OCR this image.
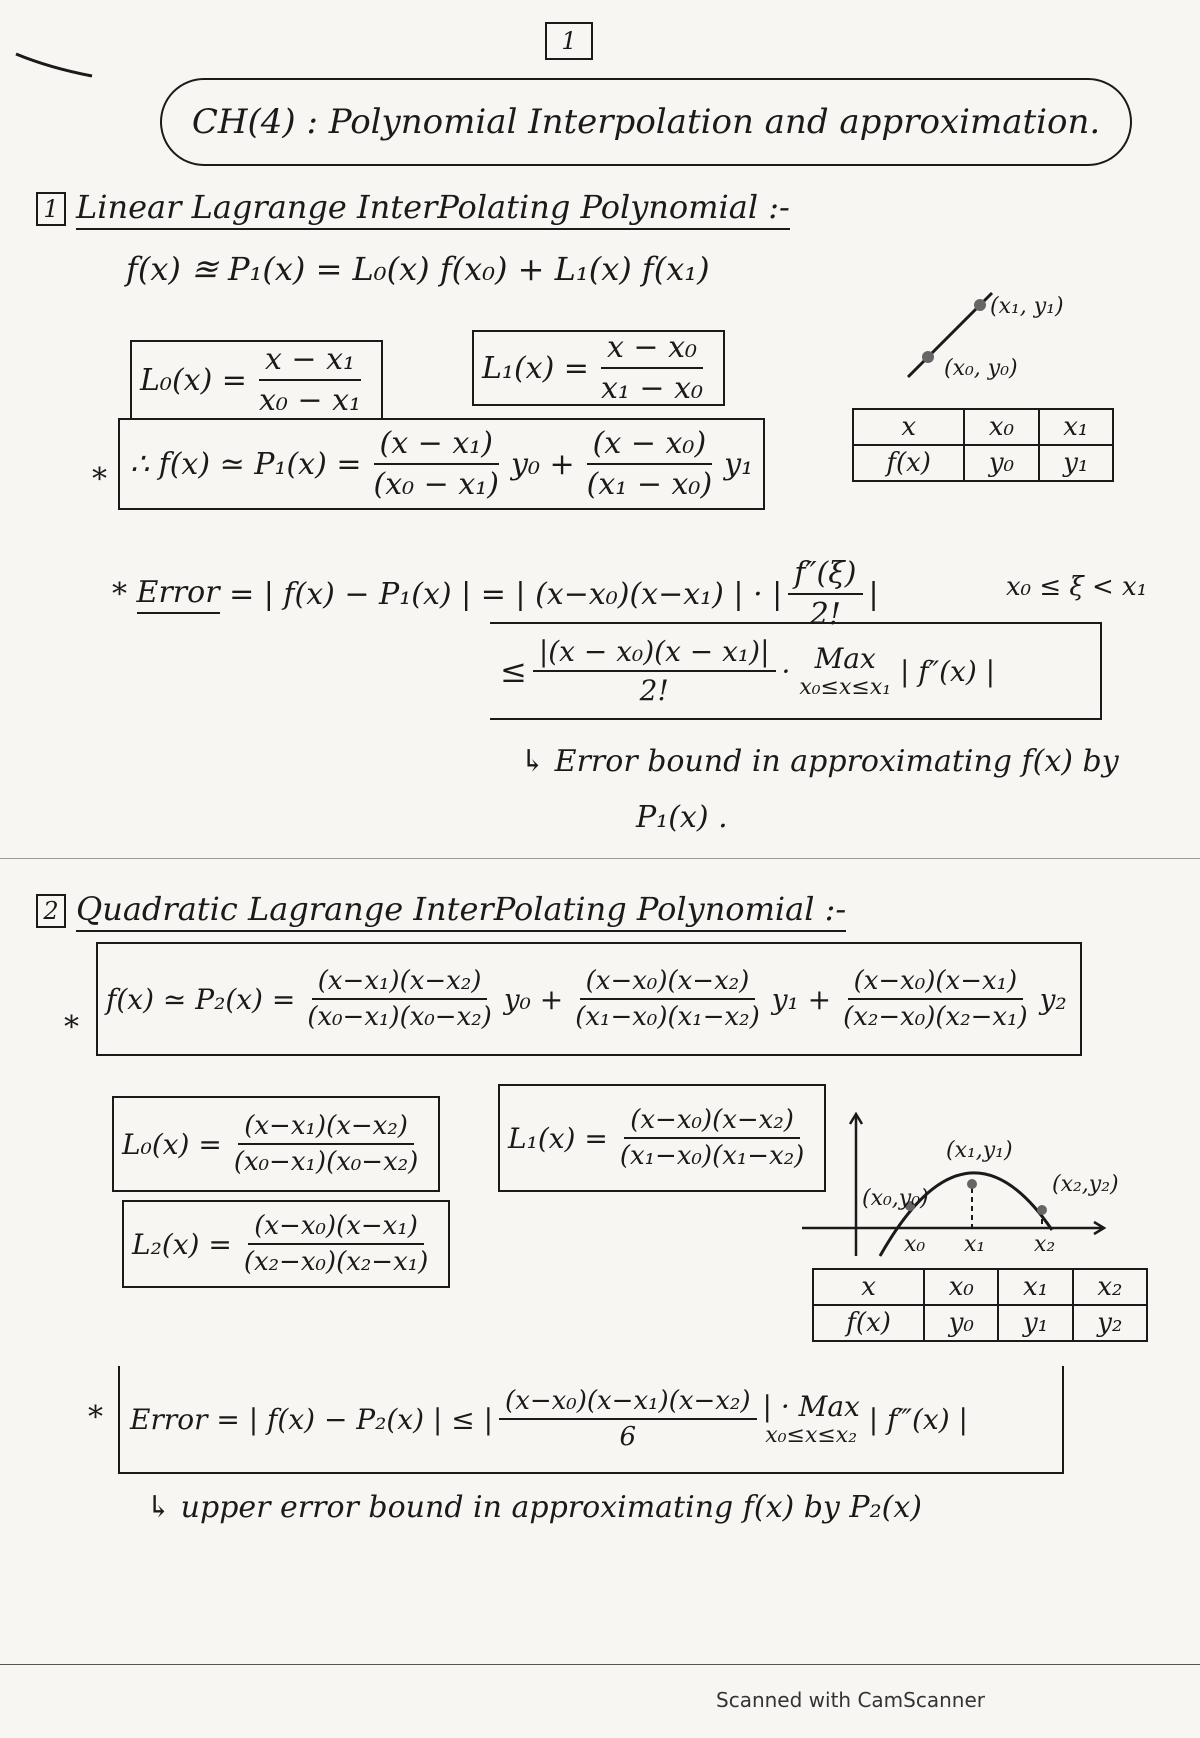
1
CH(4) : Polynomial Interpolation and approximation.
1 Linear Lagrange InterPolating Polynomial :-
f(x) ≊ P₁(x) = L₀(x) f(x₀) + L₁(x) f(x₁)
$L_0(x) = \frac{\text{x − x₁}}{\text{x₀ − x₁}}$	$L_1(x) = \frac{\text{x − x₀}}{\text{x₁ − x₀}}$
(x₁, y₁)
(x₀, y₀)
* ∴ f(x) ≃ $P_1(x) = \frac{\text{(x − x₁)}}{\text{(x₀ − x₁)}} y_0 + \frac{\text{(x − x₀)}}{\text{(x₁ − x₀)}} y_1$
x	x₀	x₁
f(x)	y₀	y₁
*
Error
= | f(x) − P₁(x) | = | (x−x₀)(x−x₁) | · | $\frac{f''(\xi)}{2!}$ |	x₀ ≤ ξ < x₁
≤ $\frac{\text{|(x − x₀)(x − x₁)|}}{2!}$ ·
Max
x₀≤x≤x₁
| f″(x) |
↳ Error bound in approximating f(x) by
P₁(x) .
2 Quadratic Lagrange InterPolating Polynomial :-
*
f(x) ≃ $P_2(x) = \frac{\text{(x−x₁)(x−x₂)}}{\text{(x₀−x₁)(x₀−x₂)}} y_0 + \frac{\text{(x−x₀)(x−x₂)}}{\text{(x₁−x₀)(x₁−x₂)}} y_1 + \frac{\text{(x−x₀)(x−x₁)}}{\text{(x₂−x₀)(x₂−x₁)}} y_2$
$L_0(x) = \frac{\text{(x−x₁)(x−x₂)}}{\text{(x₀−x₁)(x₀−x₂)}}$	$L_1(x) = \frac{\text{(x−x₀)(x−x₂)}}{\text{(x₁−x₀)(x₁−x₂)}}$
$L_2(x) = \frac{\text{(x−x₀)(x−x₁)}}{\text{(x₂−x₀)(x₂−x₁)}}$
(x₀,y₀)
(x₁,y₁)
(x₂,y₂)
x₀ x₁ x₂
x	x₀	x₁	x₂
f(x)	y₀	y₁	y₂
* Error = | f(x) − P₂(x) | ≤ | $\frac{\text{(x−x₀)(x−x₁)(x−x₂)}}{6}$ | · Max
x₀≤x≤x₂
| f‴(x) |
↳ upper error bound in approximating f(x) by P₂(x)
Scanned with CamScanner
